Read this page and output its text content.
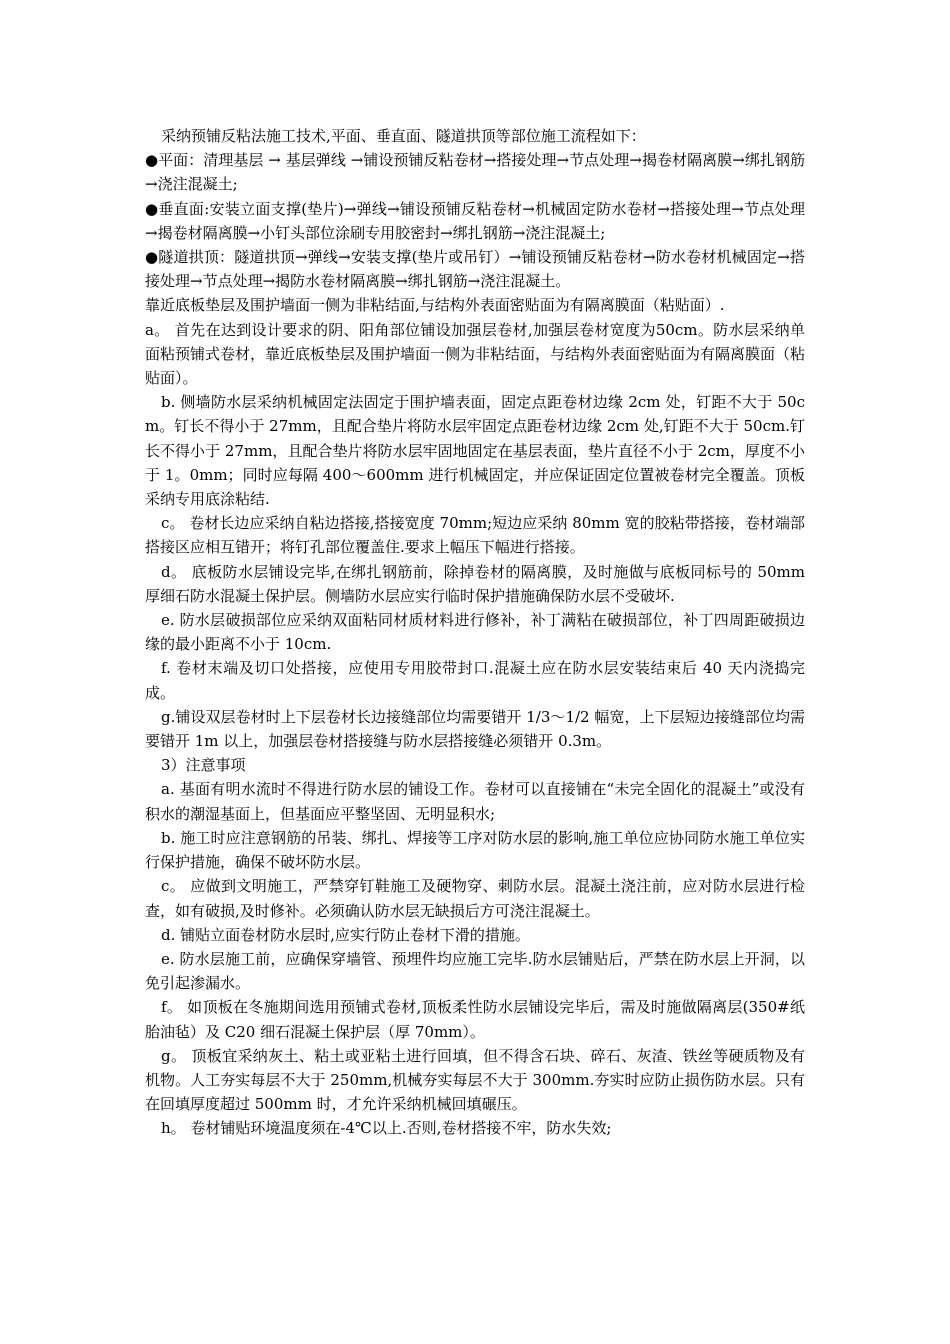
采纳预铺反粘法施工技术,平面、垂直面、隧道拱顶等部位施工流程如下：

●平面：清理基层 → 基层弹线 →铺设预铺反粘卷材→搭接处理→节点处理→揭卷材隔离膜→绑扎钢筋→浇注混凝土;

●垂直面:安装立面支撑(垫片)→弹线→铺设预铺反粘卷材→机械固定防水卷材→搭接处理→节点处理→揭卷材隔离膜→小钉头部位涂刷专用胶密封→绑扎钢筋→浇注混凝土;

●隧道拱顶：隧道拱顶→弹线→安装支撑(垫片或吊钉）→铺设预铺反粘卷材→防水卷材机械固定→搭接处理→节点处理→揭防水卷材隔离膜→绑扎钢筋→浇注混凝土。

靠近底板垫层及围护墙面一侧为非粘结面,与结构外表面密贴面为有隔离膜面（粘贴面）.

a。 首先在达到设计要求的阴、阳角部位铺设加强层卷材,加强层卷材宽度为50cm。防水层采纳单面粘预铺式卷材，靠近底板垫层及围护墙面一侧为非粘结面，与结构外表面密贴面为有隔离膜面（粘贴面）。

b. 侧墙防水层采纳机械固定法固定于围护墙表面，固定点距卷材边缘 2cm 处，钉距不大于 50cm。钉长不得小于 27mm，且配合垫片将防水层牢固定点距卷材边缘 2cm 处,钉距不大于 50cm.钉长不得小于 27mm，且配合垫片将防水层牢固地固定在基层表面，垫片直径不小于 2cm，厚度不小于 1。0mm；同时应每隔 400～600mm 进行机械固定，并应保证固定位置被卷材完全覆盖。顶板采纳专用底涂粘结.

c。 卷材长边应采纳自粘边搭接,搭接宽度 70mm;短边应采纳 80mm 宽的胶粘带搭接，卷材端部搭接区应相互错开；将钉孔部位覆盖住.要求上幅压下幅进行搭接。

d。 底板防水层铺设完毕,在绑扎钢筋前，除掉卷材的隔离膜，及时施做与底板同标号的 50mm 厚细石防水混凝土保护层。侧墙防水层应实行临时保护措施确保防水层不受破坏.

e. 防水层破损部位应采纳双面粘同材质材料进行修补，补丁满粘在破损部位，补丁四周距破损边缘的最小距离不小于 10cm.

f. 卷材末端及切口处搭接，应使用专用胶带封口.混凝土应在防水层安装结束后 40 天内浇捣完成。

g.铺设双层卷材时上下层卷材长边接缝部位均需要错开 1/3～1/2 幅宽，上下层短边接缝部位均需要错开 1m 以上，加强层卷材搭接缝与防水层搭接缝必须错开 0.3m。

3）注意事项

a. 基面有明水流时不得进行防水层的铺设工作。卷材可以直接铺在“未完全固化的混凝土”或没有积水的潮湿基面上，但基面应平整坚固、无明显积水;

b. 施工时应注意钢筋的吊装、绑扎、焊接等工序对防水层的影响,施工单位应协同防水施工单位实行保护措施，确保不破坏防水层。

c。 应做到文明施工，严禁穿钉鞋施工及硬物穿、刺防水层。混凝土浇注前，应对防水层进行检查，如有破损,及时修补。必须确认防水层无缺损后方可浇注混凝土。

d. 铺贴立面卷材防水层时,应实行防止卷材下滑的措施。

e. 防水层施工前，应确保穿墙管、预埋件均应施工完毕.防水层铺贴后，严禁在防水层上开洞，以免引起渗漏水。

f。 如顶板在冬施期间选用预铺式卷材,顶板柔性防水层铺设完毕后，需及时施做隔离层(350#纸胎油毡）及 C20 细石混凝土保护层（厚 70mm）。

g。 顶板宜采纳灰土、粘土或亚粘土进行回填，但不得含石块、碎石、灰渣、铁丝等硬质物及有机物。人工夯实每层不大于 250mm,机械夯实每层不大于 300mm.夯实时应防止损伤防水层。只有在回填厚度超过 500mm 时，才允许采纳机械回填碾压。

h。 卷材铺贴环境温度须在-4℃以上.否则,卷材搭接不牢，防水失效;
